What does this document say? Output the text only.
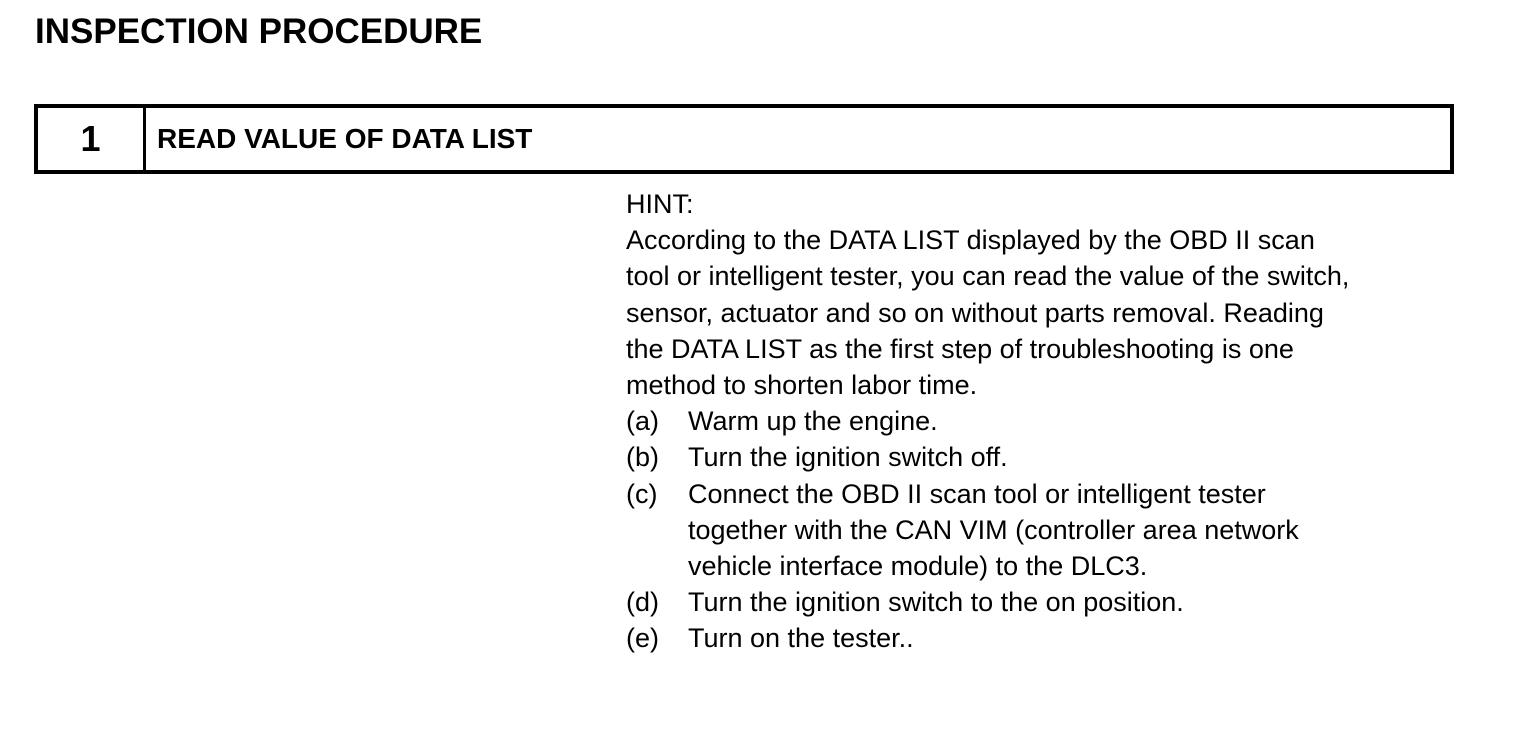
INSPECTION PROCEDURE
1	READ VALUE OF DATA LIST
HINT:
According to the DATA LIST displayed by the OBD II scan
tool or intelligent tester, you can read the value of the switch,
sensor, actuator and so on without parts removal. Reading
the DATA LIST as the first step of troubleshooting is one
method to shorten labor time.
(a)	Warm up the engine.
(b)	Turn the ignition switch off.
(c)	Connect the OBD II scan tool or intelligent tester
together with the CAN VIM (controller area network
vehicle interface module) to the DLC3.
(d)	Turn the ignition switch to the on position.
(e)	Turn on the tester..
